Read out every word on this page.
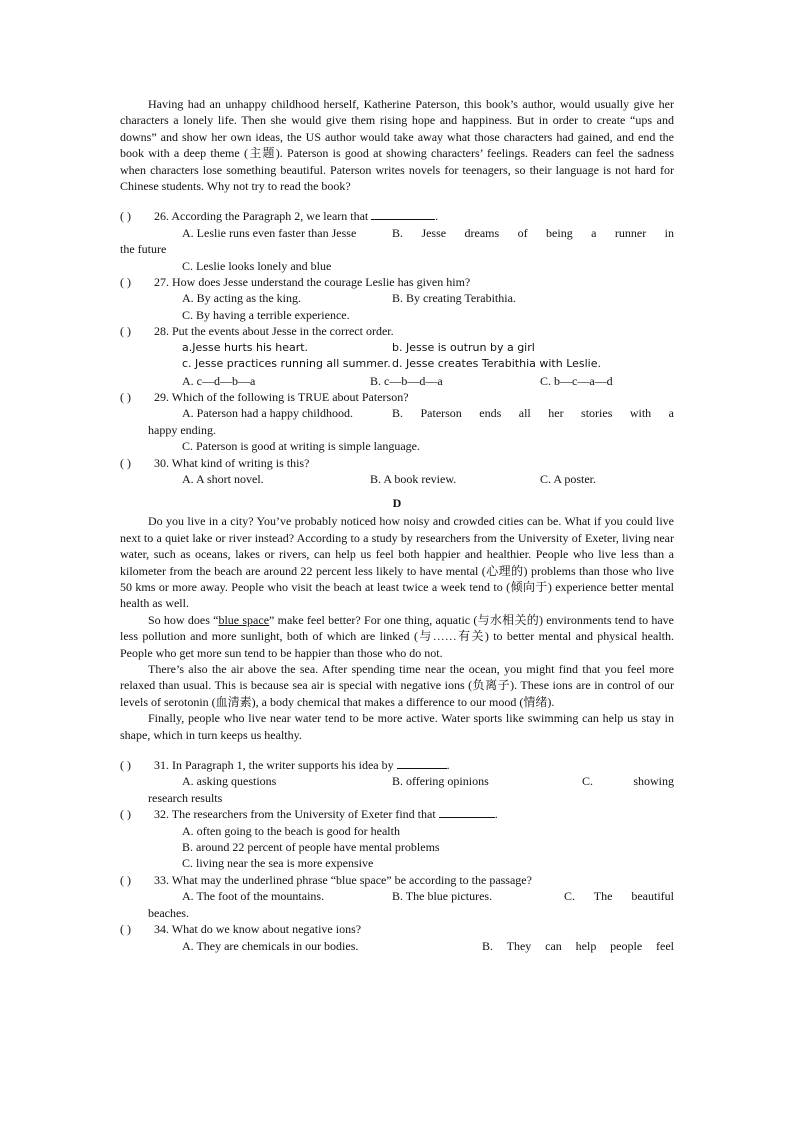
Having had an unhappy childhood herself, Katherine Paterson, this book’s author, would usually give her characters a lonely life. Then she would give them rising hope and happiness. But in order to create “ups and downs” and show her own ideas, the US author would take away what those characters had gained, and end the book with a deep theme (主题). Paterson is good at showing characters’ feelings. Readers can feel the sadness when characters lose something beautiful. Paterson writes novels for teenagers, so their language is not hard for Chinese students. Why not try to read the book?

( )	26. According the Paragraph 2, we learn that	.
A. Leslie runs even faster than Jesse	B. Jesse dreams of being a runner in
the future
C. Leslie looks lonely and blue
( )	27. How does Jesse understand the courage Leslie has given him?
A. By acting as the king.	B. By creating Terabithia.
C. By having a terrible experience.
( )	28. Put the events about Jesse in the correct order.
a.Jesse hurts his heart.	b. Jesse is outrun by a girl
c. Jesse practices running all summer. d. Jesse creates Terabithia with Leslie.
A. c—d—b—a	B. c—b—d—a	C. b—c—a—d
( )	29. Which of the following is TRUE about Paterson?
A. Paterson had a happy childhood.	B. Paterson ends all her stories with a
happy ending.
C. Paterson is good at writing is simple language.
( )	30. What kind of writing is this?
A. A short novel.	B. A book review.	C. A poster.
D

Do you live in a city? You’ve probably noticed how noisy and crowded cities can be. What if you could live next to a quiet lake or river instead? According to a study by researchers from the University of Exeter, living near water, such as oceans, lakes or rivers, can help us feel both happier and healthier. People who live less than a kilometer from the beach are around 22 percent less likely to have mental (心理的) problems than those who live 50 kms or more away. People who visit the beach at least twice a week tend to (倾向于) experience better mental health as well.

So how does “blue space” make feel better? For one thing, aquatic (与水相关的) environments tend to have less pollution and more sunlight, both of which are linked (与……有关) to better mental and physical health. People who get more sun tend to be happier than those who do not.

There’s also the air above the sea. After spending time near the ocean, you might find that you feel more relaxed than usual. This is because sea air is special with negative ions (负离子). These ions are in control of our levels of serotonin (血清素), a body chemical that makes a difference to our mood (情绪).

Finally, people who live near water tend to be more active. Water sports like swimming can help us stay in shape, which in turn keeps us healthy.

( )	31. In Paragraph 1, the writer supports his idea by	.
A. asking questions	B. offering opinions	C. showing
research results
( )	32. The researchers from the University of Exeter find that	.
A. often going to the beach is good for health
B. around 22 percent of people have mental problems
C. living near the sea is more expensive
( )	33. What may the underlined phrase “blue space” be according to the passage?
A. The foot of the mountains.	B. The blue pictures.	C. The beautiful
beaches.
( )	34. What do we know about negative ions?
A. They are chemicals in our bodies.	B. They can help people feel
